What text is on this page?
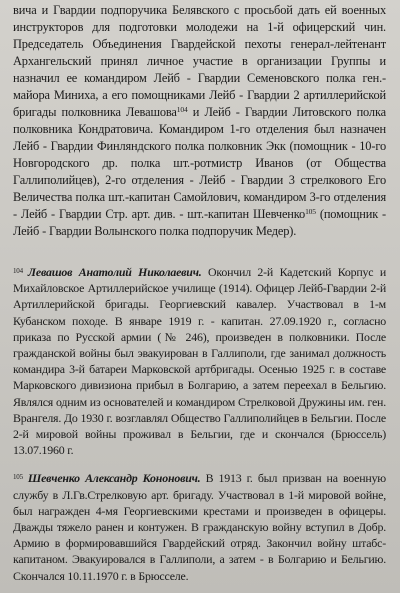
вича и Гвардии подпоручика Белявского с просьбой дать ей военных инструкторов для подготовки молодежи на 1-й офицерский чин. Председатель Объединения Гвардейской пехоты генерал-лейтенант Архангельский принял личное участие в организации Группы и назначил ее командиром Лейб - Гвардии Семеновского полка ген.-майора Миниха, а его помощниками Лейб - Гвардии 2 артиллерийской бригады полковника Левашова$^{104}$ и Лейб - Гвардии Литовского полка полковника Кондратовича. Командиром 1-го отделения был назначен Лейб - Гвардии Финляндского полка полковник Экк (помощник - 10-го Новгородского др. полка шт.-ротмистр Иванов (от Общества Галлиполийцев), 2-го отделения - Лейб - Гвардии 3 стрелкового Его Величества полка шт.-капитан Самойлович, командиром 3-го отделения - Лейб - Гвардии Стр. арт. див. - шт.-капитан Шевченко$^{105}$ (помощник - Лейб - Гвардии Волынского полка подпоручик Медер).

$^{104}$ Левашов Анатолий Николаевич. Окончил 2-й Кадетский Корпус и Михайловское Артиллерийское училище (1914). Офицер Лейб-Гвардии 2-й Артиллерийской бригады. Георгиевский кавалер. Участвовал в 1-м Кубанском походе. В январе 1919 г. - капитан. 27.09.1920 г., согласно приказа по Русской армии (№ 246), произведен в полковники. После гражданской войны был эвакуирован в Галлиполи, где занимал должность командира 3-й батареи Марковской артбригады. Осенью 1925 г. в составе Марковского дивизиона прибыл в Болгарию, а затем переехал в Бельгию. Являлся одним из основателей и командиром Стрелковой Дружины им. ген. Врангеля. До 1930 г. возглавлял Общество Галлиполийцев в Бельгии. После 2-й мировой войны проживал в Бельгии, где и скончался (Брюссель) 13.07.1960 г.

$^{105}$ Шевченко Александр Кононович. В 1913 г. был призван на военную службу в Л.Гв.Стрелковую арт. бригаду. Участвовал в 1-й мировой войне, был награжден 4-мя Георгиевскими крестами и произведен в офицеры. Дважды тяжело ранен и контужен. В гражданскую войну вступил в Добр. Армию в формировавшийся Гвардейский отряд. Закончил войну штабс-капитаном. Эвакуировался в Галлиполи, а затем - в Болгарию и Бельгию. Скончался 10.11.1970 г. в Брюсселе.
